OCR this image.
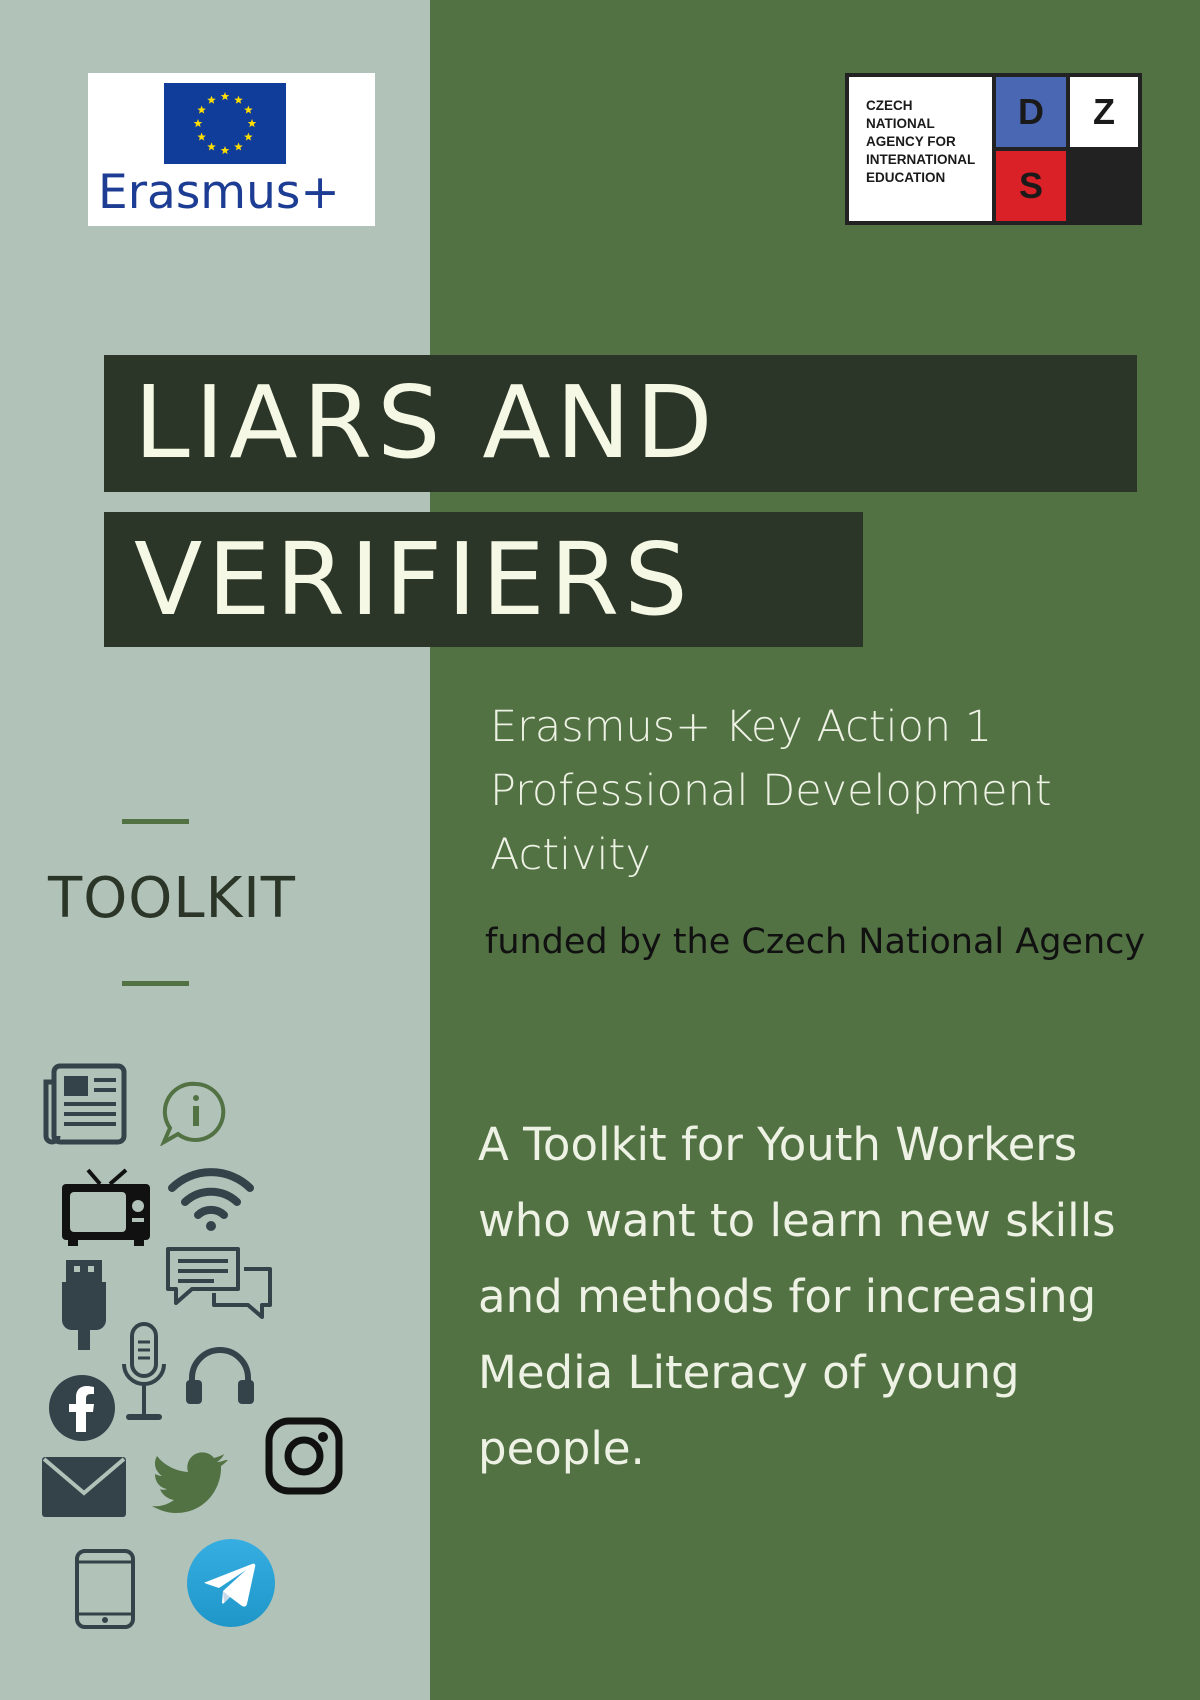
Erasmus+
CZECH
NATIONAL
AGENCY FOR
INTERNATIONAL
EDUCATION
D	Z
S
LIARS AND
VERIFIERS
TOOLKIT
Erasmus+ Key Action 1
Professional Development
Activity
funded by the Czech National Agency
A Toolkit for Youth Workers who want to learn new skills and methods for increasing Media Literacy of young people.
